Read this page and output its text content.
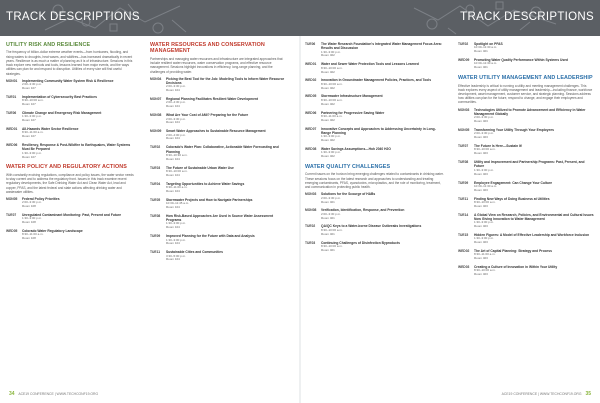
TRACK DESCRIPTIONS	TRACK DESCRIPTIONS
UTILITY RISK AND RESILIENCE
The frequency of billion-dollar extreme weather events—from hurricanes, flooding, and rising waters to droughts, heat waves, and wildfires—has increased dramatically in recent years. Resilience is as much a matter of planning as it is of infrastructure. Sessions in this track explore new methods and tools, lessons learned from major events, and the ways utilities can plan for and respond to disruption. Utilities of every size will find useful strategies.
MON01	Implementing Community Water System Risk & Resilience
2:00–3:30 p.m.
Room 107
TUE01	Implementation of Cybersecurity Best Practices
8:30–10:00 a.m.
Room 107
TUE06	Climate Change and Emergency Risk Management
1:30–3:00 p.m.
Room 107
WED01	All-Hazards Water Sector Resilience
8:30–11:00 a.m.
Room 107
WED06	Resiliency, Response & Post-Wildfire to Earthquakes, Water Systems Must Be Prepared
1:30–3:00 p.m.
Room 107
WATER POLICY AND REGULATORY ACTIONS
With constantly evolving regulations, compliance and policy issues, the water sector needs to stay current and to address the regulatory front. Issues in this track examine recent regulatory developments, the Safe Drinking Water Act and Clean Water Act, lead and copper, PFAS, and the latest federal and state actions affecting drinking water and wastewater utilities.
MON05	Federal Policy Priorities
2:00–3:30 p.m.
Room 108
TUE07	Unregulated Contaminant Monitoring: Past, Present and Future
1:30–3:00 p.m.
Room 108
WED05	Colorado Water Regulatory Landscape
8:30–11:00 a.m.
Room 108
WATER RESOURCES AND CONSERVATION MANAGEMENT
Partnerships and managing water resources and infrastructure are integrated approaches that include resilient water resources, water conservation programs, and effective resource management. Sessions highlight innovations in efficiency, long-range planning, and the challenges of providing water.
MON04	Picking the Best Tool for the Job: Modeling Tools to Inform Water Resource Decisions
2:00–3:30 p.m.
Room 104
MON07	Regional Planning Facilitates Resilient Water Development
2:00–4:30 p.m.
Room 104
MON08	What Are Your Cost of AMI? Preparing for the Future
2:00–3:30 p.m.
Room 104
MON09	Smart Water Approaches to Sustainable Resource Management
2:00–4:00 p.m.
Room 104
TUE02	Colorado's Water Plan: Collaborative, Actionable Water Forecasting and Planning
8:30–10:30 a.m.
Room 104
TUE03	The Future of Sustainable Urban Water Use
8:30–10:00 a.m.
Room 104
TUE04	Targeting Opportunities to Achieve Water Savings
8:30–11:00 a.m.
Room 104
TUE05	Stormwater Projects and How to Navigate Partnerships
10:30–11:45 a.m.
Room 104
TUE08	How Risk-Based Approaches Are Used in Source Water Assessment Programs
1:30–3:00 p.m.
Room 104
TUE09	Improved Planning for the Future with Data and Analysis
1:30–3:00 p.m.
Room 104
TUE11	Sustainable Cities and Communities
3:30–5:00 p.m.
Room 104
TUE06	The Water Research Foundation's Integrated Water Management Focus Area: Results and Discussion
1:30–3:00 p.m.
Room 402
WED01	Water and Sewer Water Protection Tools and Lessons Learned
8:30–10:00 a.m.
Room 402
WED02	Innovation in Groundwater Management Policies, Practices, and Tools
8:30–10:00 a.m.
Room 402
WED05	Stormwater Infrastructure Management
8:30–10:00 a.m.
Room 402
WED06	Partnering for Progressive Saving Water
8:30–11:00 a.m.
Room 402
WED07	Innovative Concepts and Approaches to Addressing Uncertainty in Long-Range Planning
1:30–3:00 p.m.
Room 402
WED08	Water Savings Assumptions—Hoh 2040 H2O
1:30–3:00 p.m.
Room 402
WATER QUALITY CHALLENGES
Current issues on the horizon bring emerging challenges related to contaminants in drinking water. These sessions focus on the latest research and approaches to understanding and treating emerging contaminants, PFAS, cyanotoxins, microplastics, and the role of monitoring, treatment, and communication in protecting public health.
MON03	Solutions for the Scourge of HABs
2:00–3:30 p.m.
Room 401
MON08	Verification, Identification, Response, and Prevention
2:00–3:30 p.m.
Room 401
TUE02	QA/QC Keys to a Water-borne Disease Outbreaks Investigations
8:30–10:00 a.m.
Room 401
TUE03	Continuing Challenges of Disinfection Byproducts
8:30–10:00 a.m.
Room 401
TUE02	Spotlight on PFAS
10:30–11:30 a.m.
Room 401
WED09	Promoting Water Quality Performance Within Systems Used
10:30–11:30 a.m.
Room 401
WATER UTILITY MANAGEMENT AND LEADERSHIP
Effective leadership is critical to running a utility and meeting management challenges. This track explores every aspect of utility management and leadership—including finance, workforce development, asset management, customer service, and strategic planning. Sessions address how utilities can plan for the future, respond to change, and engage their employees and communities.
MON03	Technologies Utilized to Promote Advancement and Efficiency in Water Management Globally
2:00–3:30 p.m.
Room 403
MON05	Transforming Your Utility Through Your Employees
2:00–3:30 p.m.
Room 403
TUE07	The Future Is Here—Sustain It!
8:30–10:00 a.m.
Room 403
TUE08	Utility and Improvement and Partnership Programs: Past, Present, and Future
1:30–3:00 p.m.
Room 403
TUE09	Employee Engagement: Can Change Your Culture
10:30–11:30 a.m.
Room 403
TUE11	Finding New Ways of Doing Business at Utilities
8:30–10:00 a.m.
Room 403
TUE14	A Global View on Research, Policies, and Environmental and Cultural Issues Now Giving Innovation to Water Management
1:30–3:00 p.m.
Room 403
TUE15	Hidden Figures: A Model of Effective Leadership and Workforce Inclusion
1:30–3:00 p.m.
Room 403
WED02	The Art of Capital Planning: Strategy and Process
8:30–11:00 a.m.
Room 403
WED03	Creating a Culture of Innovation in Within Your Utility
8:30–10:00 a.m.
Room 403
34 ACE19 CONFERENCE | WWW.TECHCONF19.ORG	ACE19 CONFERENCE | WWW.TECHCONF19.ORG 35
